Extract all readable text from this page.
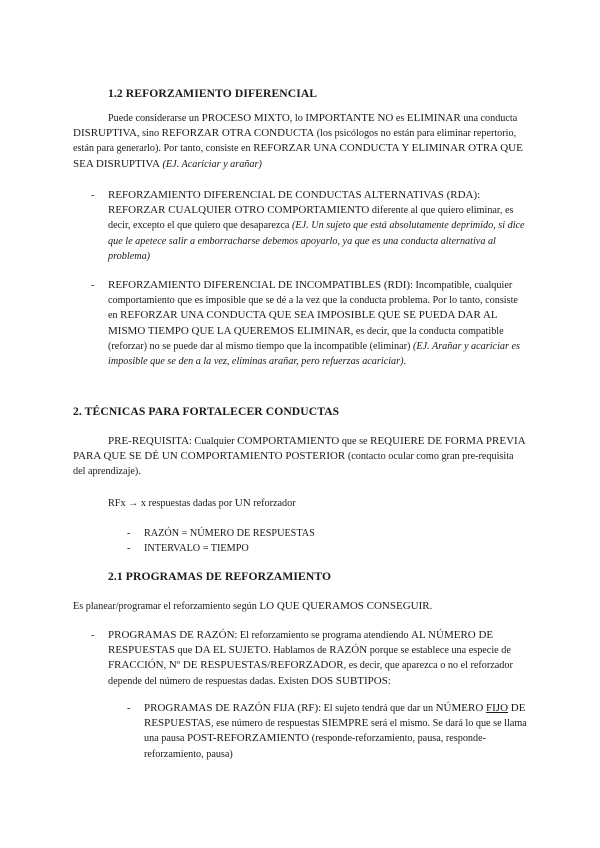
1.2 REFORZAMIENTO DIFERENCIAL
Puede considerarse un PROCESO MIXTO, lo IMPORTANTE NO es ELIMINAR una conducta DISRUPTIVA, sino REFORZAR OTRA CONDUCTA (los psicólogos no están para eliminar repertorio, están para generarlo). Por tanto, consiste en REFORZAR UNA CONDUCTA Y ELIMINAR OTRA QUE SEA DISRUPTIVA (EJ. Acariciar y arañar)
- REFORZAMIENTO DIFERENCIAL DE CONDUCTAS ALTERNATIVAS (RDA): REFORZAR CUALQUIER OTRO COMPORTAMIENTO diferente al que quiero eliminar, es decir, excepto el que quiero que desaparezca (EJ. Un sujeto que está absolutamente deprimido, si dice que le apetece salir a emborracharse debemos apoyarlo, ya que es una conducta alternativa al problema)
- REFORZAMIENTO DIFERENCIAL DE INCOMPATIBLES (RDI): Incompatible, cualquier comportamiento que es imposible que se dé a la vez que la conducta problema. Por lo tanto, consiste en REFORZAR UNA CONDUCTA QUE SEA IMPOSIBLE QUE SE PUEDA DAR AL MISMO TIEMPO QUE LA QUEREMOS ELIMINAR, es decir, que la conducta compatible (reforzar) no se puede dar al mismo tiempo que la incompatible (eliminar) (EJ. Arañar y acariciar es imposible que se den a la vez, eliminas arañar, pero refuerzas acariciar).
2. TÉCNICAS PARA FORTALECER CONDUCTAS
PRE-REQUISITA: Cualquier COMPORTAMIENTO que se REQUIERE DE FORMA PREVIA PARA QUE SE DÉ UN COMPORTAMIENTO POSTERIOR (contacto ocular como gran pre-requisita del aprendizaje).
RFx → x respuestas dadas por UN reforzador
- RAZÓN = NÚMERO DE RESPUESTAS
- INTERVALO = TIEMPO
2.1 PROGRAMAS DE REFORZAMIENTO
Es planear/programar el reforzamiento según LO QUE QUERAMOS CONSEGUIR.
- PROGRAMAS DE RAZÓN: El reforzamiento se programa atendiendo AL NÚMERO DE RESPUESTAS que DA EL SUJETO. Hablamos de RAZÓN porque se establece una especie de FRACCIÓN, Nº DE RESPUESTAS/REFORZADOR, es decir, que aparezca o no el reforzador depende del número de respuestas dadas. Existen DOS SUBTIPOS:
- PROGRAMAS DE RAZÓN FIJA (RF): El sujeto tendrá que dar un NÚMERO FIJO DE RESPUESTAS, ese número de respuestas SIEMPRE será el mismo. Se dará lo que se llama una pausa POST-REFORZAMIENTO (responde-reforzamiento, pausa, responde- reforzamiento, pausa)
